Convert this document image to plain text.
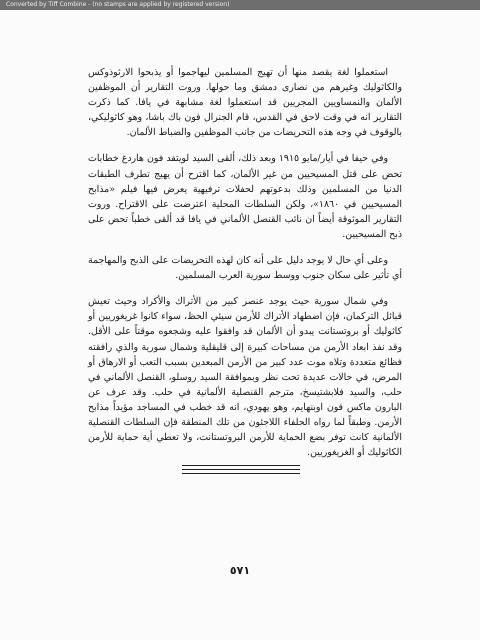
Converted by Tiff Combine - (no stamps are applied by registered version)

استعملوا لغة يقصد منها أن تهيج المسلمين ليهاجموا أو يذبحوا الارثوذوكس والكاثوليك وغيرهم من نصارى دمشق وما حولها. وروت التقارير أن الموظفين الألمان والنمساويين المجريين قد استعملوا لغة مشابهة في يافا. كما ذكرت التقارير انه في وقت لاحق في القدس، قام الجنرال فون باك باشا، وهو كاثوليكي، بالوقوف في وجه هذه التحريضات من جانب الموظفين والضباط الألمان.

وفي حيفا في أيار/مايو ١٩١٥ وبعد ذلك، ألقى السيد لويتفد فون هاردغ خطابات تحض على قتل المسيحيين من غير الألمان، كما اقترح أن يهيج تطرف الطبقات الدنيا من المسلمين وذلك بدعوتهم لحفلات ترفيهية يعرض فيها فيلم «مذابح المسيحيين في ١٨٦٠»، ولكن السلطات المحلية اعترضت على الاقتراح. وروت التقارير الموثوقة أيضاً ان نائب القنصل الألماني في يافا قد ألقى خطباً تحض على ذبح المسيحيين.

وعلى أي حال لا يوجد دليل على أنه كان لهذه التحريضات على الذبح والمهاجمة أي تأثير على سكان جنوب ووسط سورية العرب المسلمين.

وفي شمال سورية حيث يوجد عنصر كبير من الأتراك والأكراد وحيث تعيش قبائل التركمان، فإن اضطهاد الأتراك للأرمن سيئي الحظ، سواء كانوا غريغوريين أو كاثوليك أو بروتستانت يبدو أن الألمان قد وافقوا عليه وشجعوه موقتاً على الأقل. وقد نفذ ابعاد الأرمن من مساحات كبيرة إلى قليقلية وشمال سورية والذي رافقته فظائع متعددة وتلاه موت عدد كبير من الأرمن المبعدين بسبب التعب أو الارهاق أو المرض، في حالات عديدة تحت نظر وبموافقة السيد روسلو، القنصل الألماني في حلب، والسيد فلابشتيسخ، مترجم القنصلية الألمانية في حلب. وقد عرف عن البارون ماكس فون اوبنهايم، وهو يهودي، انه قد خطب في المساجد مؤيداً مذابح الأرمن. وطبقاً لما رواه الحلفاء اللاجئون من تلك المنطقة فإن السلطات القنصلية الألمانية كانت توفر بضع الحماية للأرمن البروتستانت، ولا تعطي أية حماية للأرمن الكاثوليك أو الغريغوريين.

٥٧١
